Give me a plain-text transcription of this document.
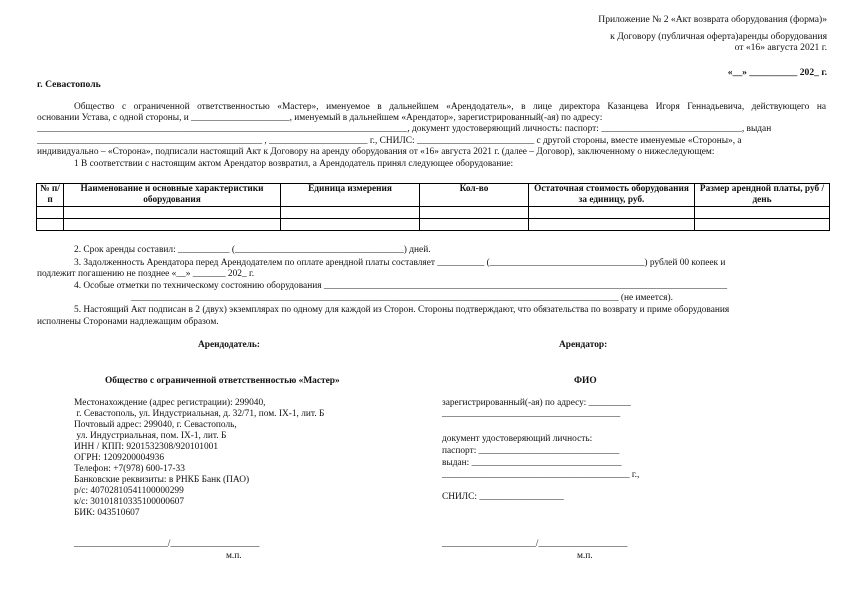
Приложение № 2 «Акт возврата оборудования (форма)»
к Договору (публичная оферта)аренды оборудования
от «16» августа 2021 г.
«__» __________ 202_ г.
г. Севастополь
Общество с ограниченной ответственностью «Мастер», именуемое в дальнейшем «Арендодатель», в лице директора Казанцева Игоря Геннадьевича, действующего на
основании Устава, с одной стороны, и _____________________, именуемый в дальнейшем «Арендатор», зарегистрированный(-ая) по адресу:
_______________________________________________________________________________, документ удостоверяющий личность: паспорт: ______________________________, выдан
________________________________________________ , _____________________ г., СНИЛС: _________________________ с другой стороны, вместе именуемые «Стороны», а
индивидуально – «Сторона», подписали настоящий Акт к Договору на аренду оборудования от «16» августа 2021 г. (далее – Договор), заключенному о нижеследующем:
1 В соответствии с настоящим актом Арендатор возвратил, а Арендодатель принял следующее оборудование:
№ п/п	Наименование и основные характеристики оборудования	Единица измерения	Кол-во	Остаточная стоимость оборудования за единицу, руб.	Размер арендной платы, руб / день

2. Срок аренды составил: ___________ (____________________________________) дней.
3. Задолженность Арендатора перед Арендодателем по оплате арендной платы составляет __________ (_________________________________) рублей 00 копеек и
подлежит погашению не позднее «__» _______ 202_ г.
4. Особые отметки по техническому состоянию оборудования ______________________________________________________________________________________
________________________________________________________________________________________________________ (не имеется).
5. Настоящий Акт подписан в 2 (двух) экземплярах по одному для каждой из Сторон. Стороны подтверждают, что обязательства по возврату и приме оборудования
исполнены Сторонами надлежащим образом.
Арендодатель:
Общество с ограниченной ответственностью «Мастер»
Местонахождение (адрес регистрации): 299040,
г. Севастополь, ул. Индустриальная, д. 32/71, пом. IX-1, лит. Б
Почтовый адрес: 299040, г. Севастополь,
ул. Индустриальная, пом. IX-1, лит. Б
ИНН / КПП: 9201532308/920101001
ОГРН: 1209200004936
Телефон: +7(978) 600-17-33
Банковские реквизиты: в РНКБ Банк (ПАО)
р/с: 40702810541100000299
к/с: 30101810335100000607
БИК: 043510607
____________________/___________________
м.п.
Арендатор:
ФИО
зарегистрированный(-ая) по адресу: _________
______________________________________
документ удостоверяющий личность:
паспорт: ______________________________
выдан: ________________________________
________________________________________ г.,
СНИЛС: __________________
____________________/___________________
м.п.
